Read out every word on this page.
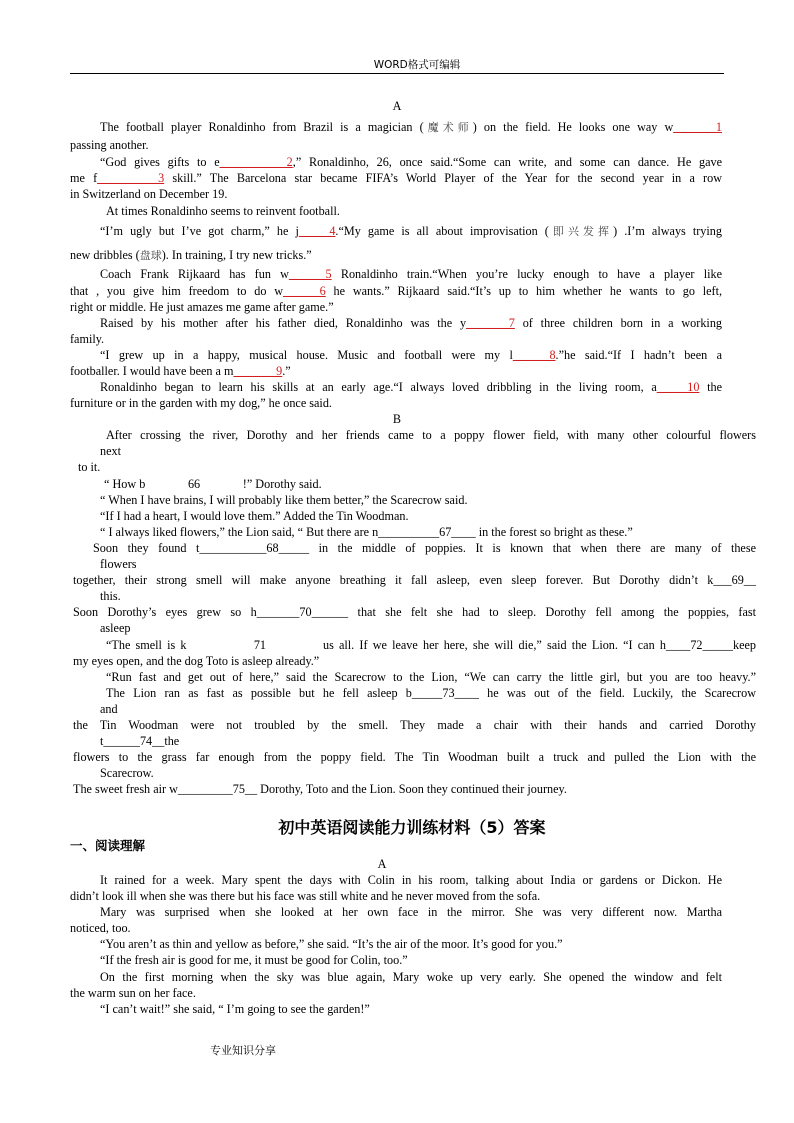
WORD格式可编辑
A
The football player Ronaldinho from Brazil is a magician (魔术师) on the field. He looks one way w_______1
passing another.
“God gives gifts to e___________2,” Ronaldinho, 26, once said.“Some can write, and some can dance. He gave
me f__________3 skill.” The Barcelona star became FIFA’s World Player of the Year for the second year in a row
in Switzerland on December 19.
At times Ronaldinho seems to reinvent football.
“I’m ugly but I’ve got charm,” he j_____4.“My game is all about improvisation (即兴发挥) .I’m always trying
new dribbles (盘球). In training, I try new tricks.”
Coach Frank Rijkaard has fun w______5 Ronaldinho train.“When you’re lucky enough to have a player like
that , you give him freedom to do w______6 he wants.” Rijkaard said.“It’s up to him whether he wants to go left,
right or middle. He just amazes me game after game.”
Raised by his mother after his father died, Ronaldinho was the y_______7 of three children born in a working
family.
“I grew up in a happy, musical house. Music and football were my l______8.”he said.“If I hadn’t been a
footballer. I would have been a m_______9.”
Ronaldinho began to learn his skills at an early age.“I always loved dribbling in the living room, a_____10 the
furniture or in the garden with my dog,” he once said.
B
After crossing the river, Dorothy and her friends came to a poppy flower field, with many other colourful flowers
next
to it.
“ How b              66              !” Dorothy said.
“ When I have brains, I will probably like them better,” the Scarecrow said.
“If I had a heart, I would love them.” Added the Tin Woodman.
“ I always liked flowers,” the Lion said, “ But there are n__________67____ in the forest so bright as these.”
Soon they found t___________68_____ in the middle of poppies. It is known that when there are many of these
flowers
together, their strong smell will make anyone breathing it fall asleep, even sleep forever. But Dorothy didn’t k___69__
this.
Soon Dorothy’s eyes grew so h_______70______ that she felt she had to sleep. Dorothy fell among the poppies, fast
asleep
“The smell is k             71           us all. If we leave her here, she will die,” said the Lion. “I can h____72_____keep
my eyes open, and the dog Toto is asleep already.”
“Run fast and get out of here,” said the Scarecrow to the Lion, “We can carry the little girl, but you are too heavy.”
The Lion ran as fast as possible but he fell asleep b_____73____ he was out of the field. Luckily, the Scarecrow
and
the Tin Woodman were not troubled by the smell. They made a chair with their hands and carried Dorothy
t______74__the
flowers to the grass far enough from the poppy field. The Tin Woodman built a truck and pulled the Lion with the
Scarecrow.
The sweet fresh air w_________75__ Dorothy, Toto and the Lion. Soon they continued their journey.
初中英语阅读能力训练材料（5）答案
一、阅读理解
A
It rained for a week. Mary spent the days with Colin in his room, talking about India or gardens or Dickon. He
didn’t look ill when she was there but his face was still white and he never moved from the sofa.
Mary was surprised when she looked at her own face in the mirror. She was very different now. Martha
noticed, too.
“You aren’t as thin and yellow as before,” she said. “It’s the air of the moor. It’s good for you.”
“If the fresh air is good for me, it must be good for Colin, too.”
On the first morning when the sky was blue again, Mary woke up very early. She opened the window and felt
the warm sun on her face.
“I can’t wait!” she said, “ I’m going to see the garden!”
专业知识分享
